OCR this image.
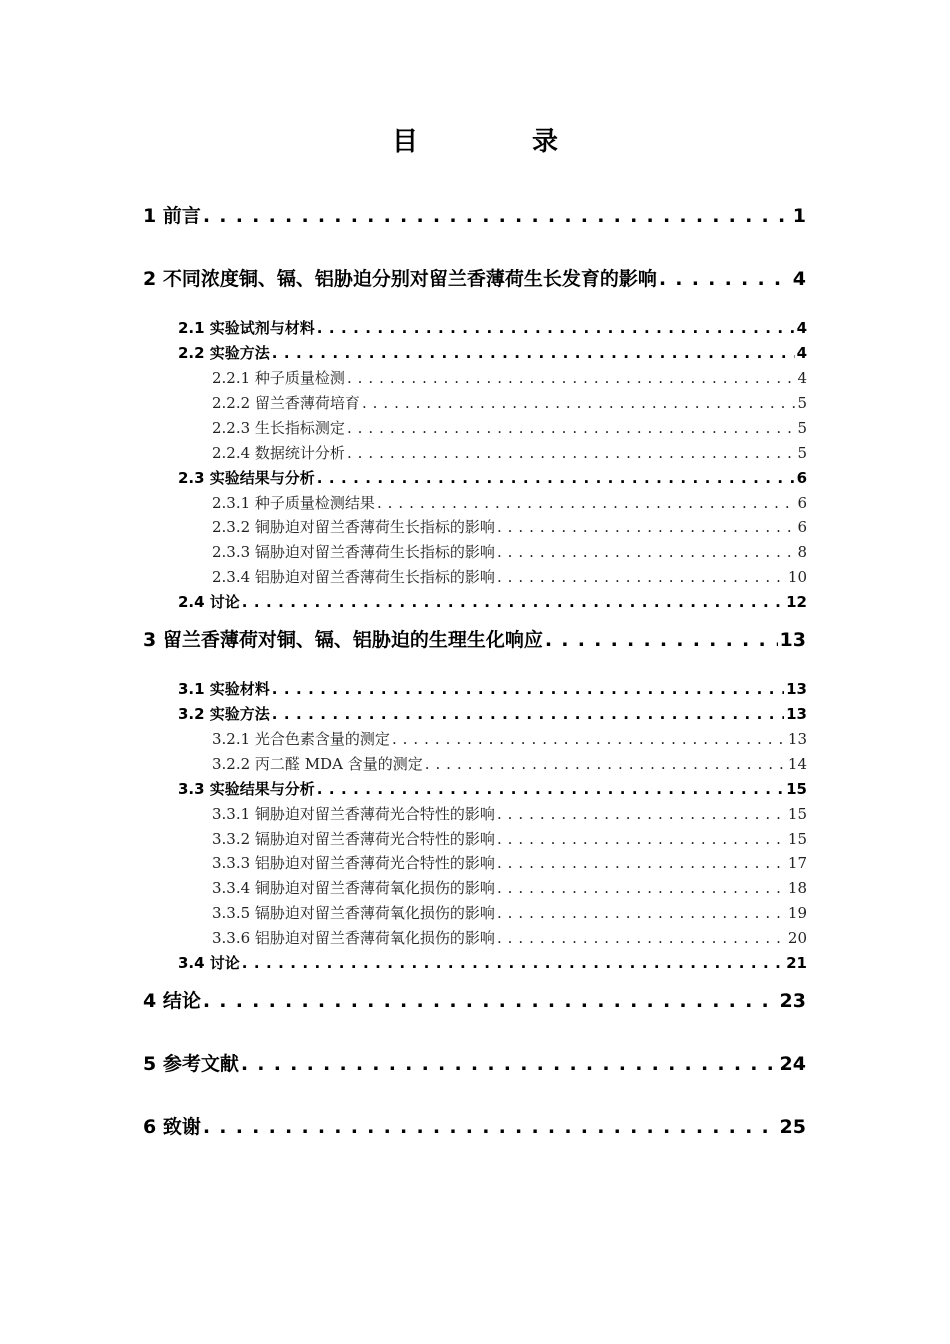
目　录
1 前言 . . .	1
2 不同浓度铜、镉、铝胁迫分别对留兰香薄荷生长发育的影响 . . .	4
2.1 实验试剂与材料 . . .	4
2.2 实验方法 . . .	4
2.2.1 种子质量检测 . . .	4
2.2.2 留兰香薄荷培育 . . .	5
2.2.3 生长指标测定 . . .	5
2.2.4 数据统计分析 . . .	5
2.3 实验结果与分析 . . .	6
2.3.1 种子质量检测结果 . . .	6
2.3.2 铜胁迫对留兰香薄荷生长指标的影响 . . .	6
2.3.3 镉胁迫对留兰香薄荷生长指标的影响 . . .	8
2.3.4 铝胁迫对留兰香薄荷生长指标的影响 . . .	10
2.4 讨论 . . .	12
3 留兰香薄荷对铜、镉、铝胁迫的生理生化响应 . . .	13
3.1 实验材料 . . .	13
3.2 实验方法 . . .	13
3.2.1 光合色素含量的测定 . . .	13
3.2.2 丙二醛 MDA 含量的测定 . . .	14
3.3 实验结果与分析 . . .	15
3.3.1 铜胁迫对留兰香薄荷光合特性的影响 . . .	15
3.3.2 镉胁迫对留兰香薄荷光合特性的影响 . . .	15
3.3.3 铝胁迫对留兰香薄荷光合特性的影响 . . .	17
3.3.4 铜胁迫对留兰香薄荷氧化损伤的影响 . . .	18
3.3.5 镉胁迫对留兰香薄荷氧化损伤的影响 . . .	19
3.3.6 铝胁迫对留兰香薄荷氧化损伤的影响 . . .	20
3.4 讨论 . . .	21
4 结论 . . .	23
5 参考文献 . . .	24
6 致谢 . . .	25
